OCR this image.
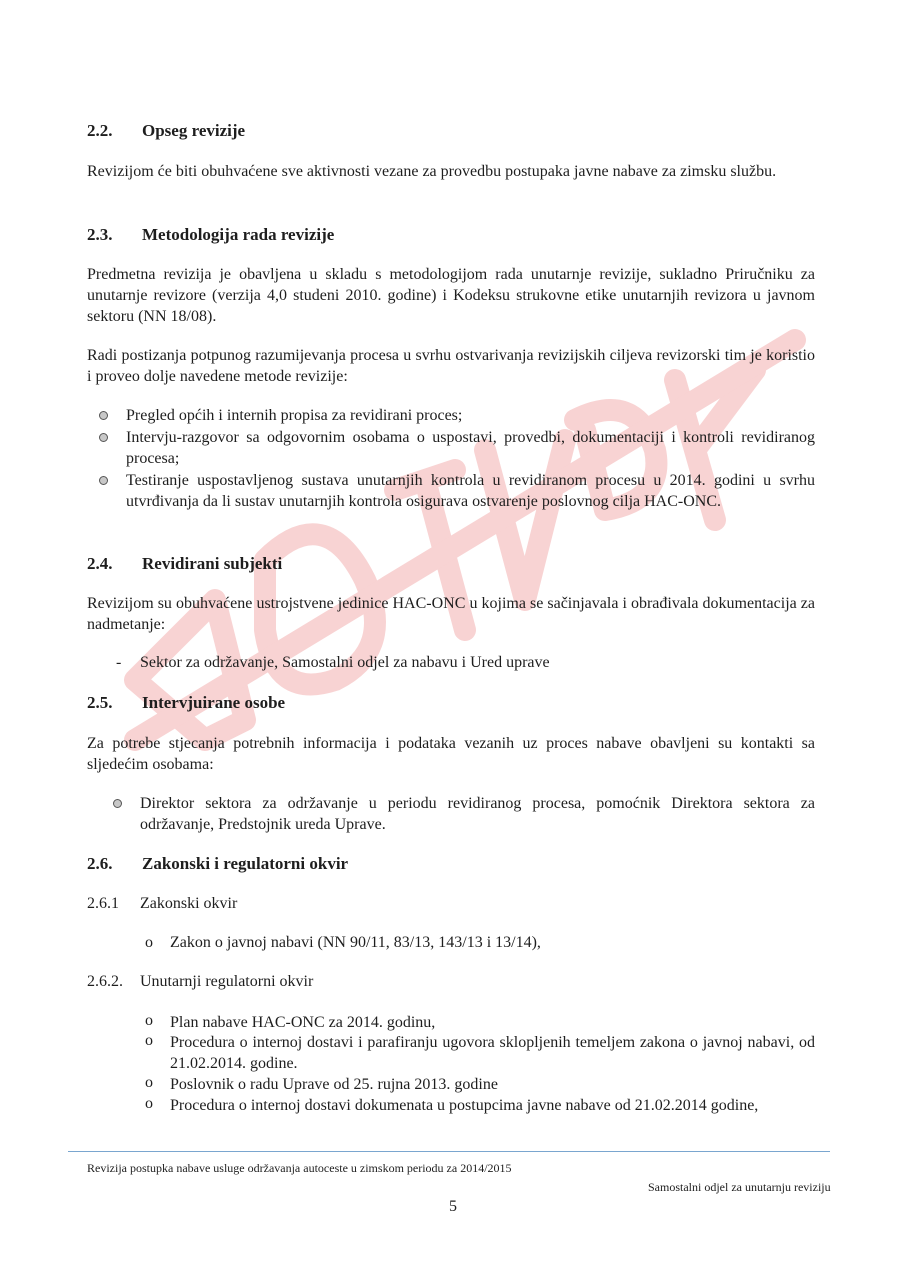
2.2. Opseg revizije
Revizijom će biti obuhvaćene sve aktivnosti vezane za provedbu postupaka javne nabave za zimsku službu.
2.3. Metodologija rada revizije
Predmetna revizija je obavljena u skladu s metodologijom rada unutarnje revizije, sukladno Priručniku za unutarnje revizore (verzija 4,0 studeni 2010. godine) i Kodeksu strukovne etike unutarnjih revizora u javnom sektoru (NN 18/08).
Radi postizanja potpunog razumijevanja procesa u svrhu ostvarivanja revizijskih ciljeva revizorski tim je koristio i proveo dolje navedene metode revizije:
Pregled općih i internih propisa za revidirani proces;
Intervju-razgovor sa odgovornim osobama o uspostavi, provedbi, dokumentaciji i kontroli revidiranog procesa;
Testiranje uspostavljenog sustava unutarnjih kontrola u revidiranom procesu u 2014. godini u svrhu utvrđivanja da li sustav unutarnjih kontrola osigurava ostvarenje poslovnog cilja HAC-ONC.
2.4. Revidirani subjekti
Revizijom su obuhvaćene ustrojstvene jedinice HAC-ONC u kojima se sačinjavala i obrađivala dokumentacija za nadmetanje:
- Sektor za održavanje, Samostalni odjel za nabavu i Ured uprave
2.5. Intervjuirane osobe
Za potrebe stjecanja potrebnih informacija i podataka vezanih uz proces nabave obavljeni su kontakti sa sljedećim osobama:
Direktor sektora za održavanje u periodu revidiranog procesa, pomoćnik Direktora sektora za održavanje, Predstojnik ureda Uprave.
2.6. Zakonski i regulatorni okvir
2.6.1 Zakonski okvir
o Zakon o javnoj nabavi (NN 90/11, 83/13, 143/13 i 13/14),
2.6.2. Unutarnji regulatorni okvir
o Plan nabave HAC-ONC za 2014. godinu,
o Procedura o internoj dostavi i parafiranju ugovora sklopljenih temeljem zakona o javnoj nabavi, od 21.02.2014. godine.
o Poslovnik o radu Uprave od 25. rujna 2013. godine
o Procedura o internoj dostavi dokumenata u postupcima javne nabave od 21.02.2014 godine,
Revizija postupka nabave usluge održavanja autoceste u zimskom periodu za 2014/2015
Samostalni odjel za unutarnju reviziju
5
